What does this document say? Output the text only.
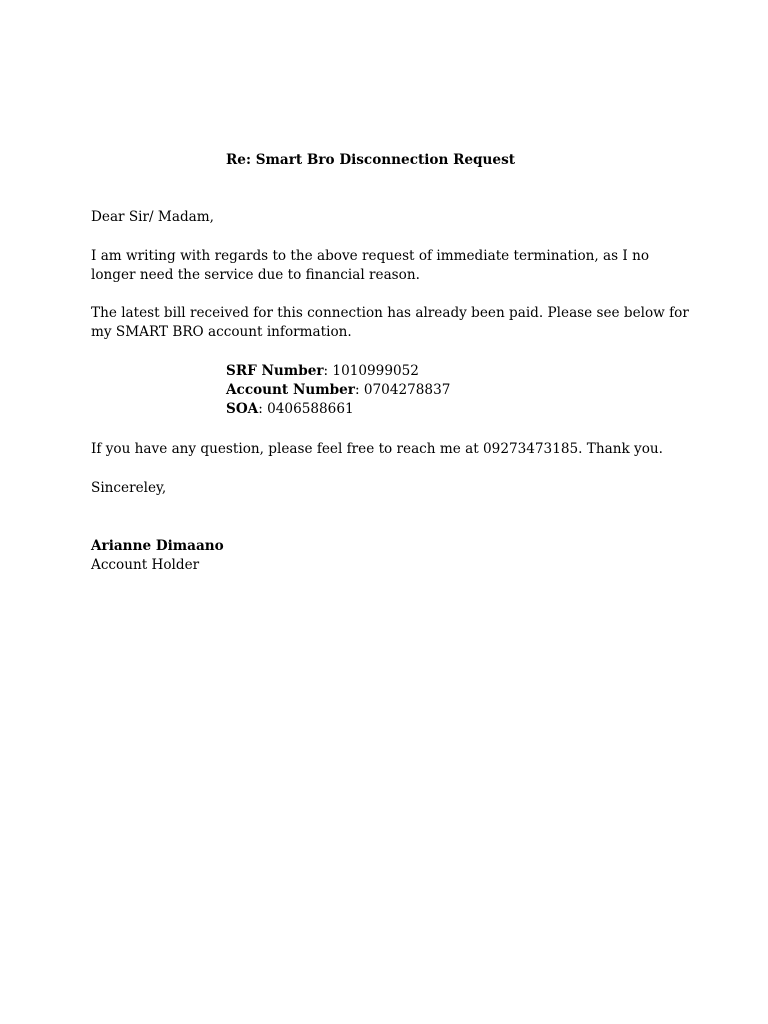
Re: Smart Bro Disconnection Request

Dear Sir/ Madam,

I am writing with regards to the above request of immediate termination, as I no longer need the service due to financial reason.

The latest bill received for this connection has already been paid. Please see below for my SMART BRO account information.

SRF Number: 1010999052
Account Number: 0704278837
SOA: 0406588661

If you have any question, please feel free to reach me at 09273473185. Thank you.

Sincereley,

Arianne Dimaano
Account Holder
